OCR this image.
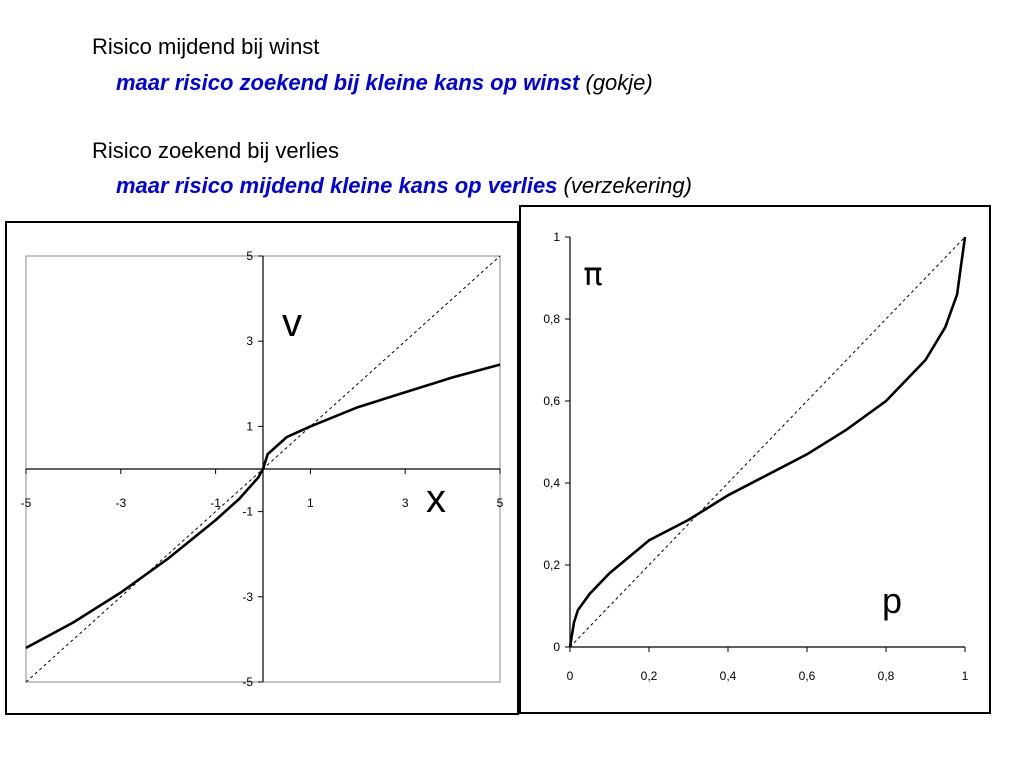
Risico mijdend bij winst
maar risico zoekend bij kleine kans op winst (gokje)
Risico zoekend bij verlies
maar risico mijdend kleine kans op verlies (verzekering)
-5	-3	-1	1	3	5
5
3
1
-1
-3
-5
v
x
0	0,2	0,4	0,6	0,8	1
1
0,8
0,6
0,4
0,2
0
π
p
